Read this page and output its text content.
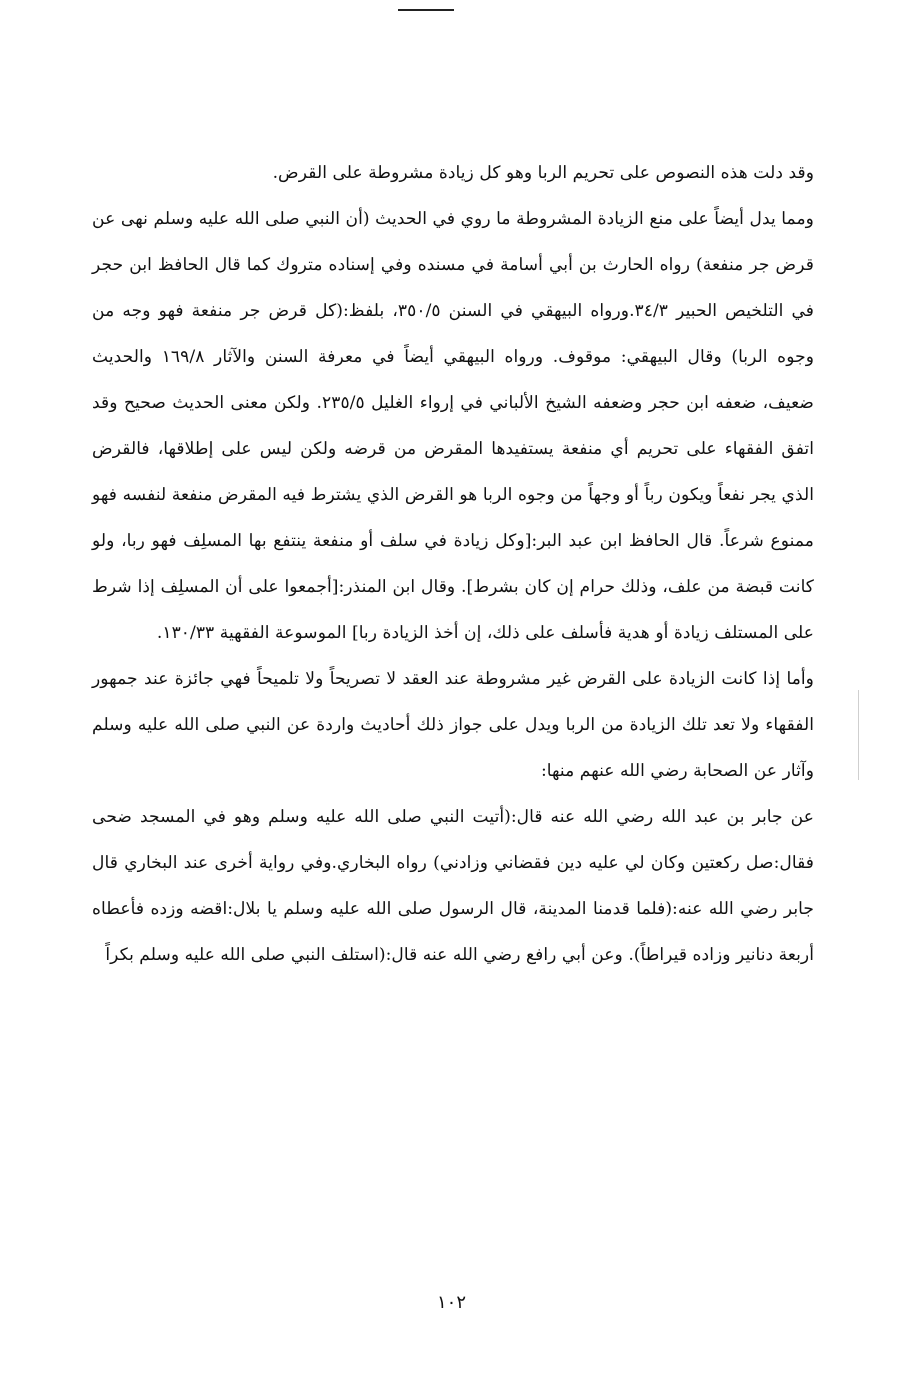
وقد دلت هذه النصوص على تحريم الربا وهو كل زيادة مشروطة على القرض.

ومما يدل أيضاً على منع الزيادة المشروطة ما روي في الحديث (أن النبي صلى الله عليه وسلم نهى عن قرض جر منفعة) رواه الحارث بن أبي أسامة في مسنده وفي إسناده متروك كما قال الحافظ ابن حجر في التلخيص الحبير ٣٤/٣.ورواه البيهقي في السنن ٣٥٠/٥، بلفظ:(كل قرض جر منفعة فهو وجه من وجوه الربا) وقال البيهقي: موقوف. ورواه البيهقي أيضاً في معرفة السنن والآثار ١٦٩/٨ والحديث ضعيف، ضعفه ابن حجر وضعفه الشيخ الألباني في إرواء الغليل ٢٣٥/٥. ولكن معنى الحديث صحيح وقد اتفق الفقهاء على تحريم أي منفعة يستفيدها المقرض من قرضه ولكن ليس على إطلاقها، فالقرض الذي يجر نفعاً ويكون رباً أو وجهاً من وجوه الربا هو القرض الذي يشترط فيه المقرض منفعة لنفسه فهو ممنوع شرعاً. قال الحافظ ابن عبد البر:[وكل زيادة في سلف أو منفعة ينتفع بها المسلِف فهو ربا، ولو كانت قبضة من علف، وذلك حرام إن كان بشرط]. وقال ابن المنذر:[أجمعوا على أن المسلِف إذا شرط على المستلف زيادة أو هدية فأسلف على ذلك، إن أخذ الزيادة ربا] الموسوعة الفقهية ١٣٠/٣٣.

وأما إذا كانت الزيادة على القرض غير مشروطة عند العقد لا تصريحاً ولا تلميحاً فهي جائزة عند جمهور الفقهاء ولا تعد تلك الزيادة من الربا ويدل على جواز ذلك أحاديث واردة عن النبي صلى الله عليه وسلم وآثار عن الصحابة رضي الله عنهم منها:

عن جابر بن عبد الله رضي الله عنه قال:(أتيت النبي صلى الله عليه وسلم وهو في المسجد ضحى فقال:صل ركعتين وكان لي عليه دين فقضاني وزادني) رواه البخاري.وفي رواية أخرى عند البخاري قال جابر رضي الله عنه:(فلما قدمنا المدينة، قال الرسول صلى الله عليه وسلم يا بلال:اقضه وزده فأعطاه أربعة دنانير وزاده قيراطاً). وعن أبي رافع رضي الله عنه قال:(استلف النبي صلى الله عليه وسلم بكراً

١٠٢
